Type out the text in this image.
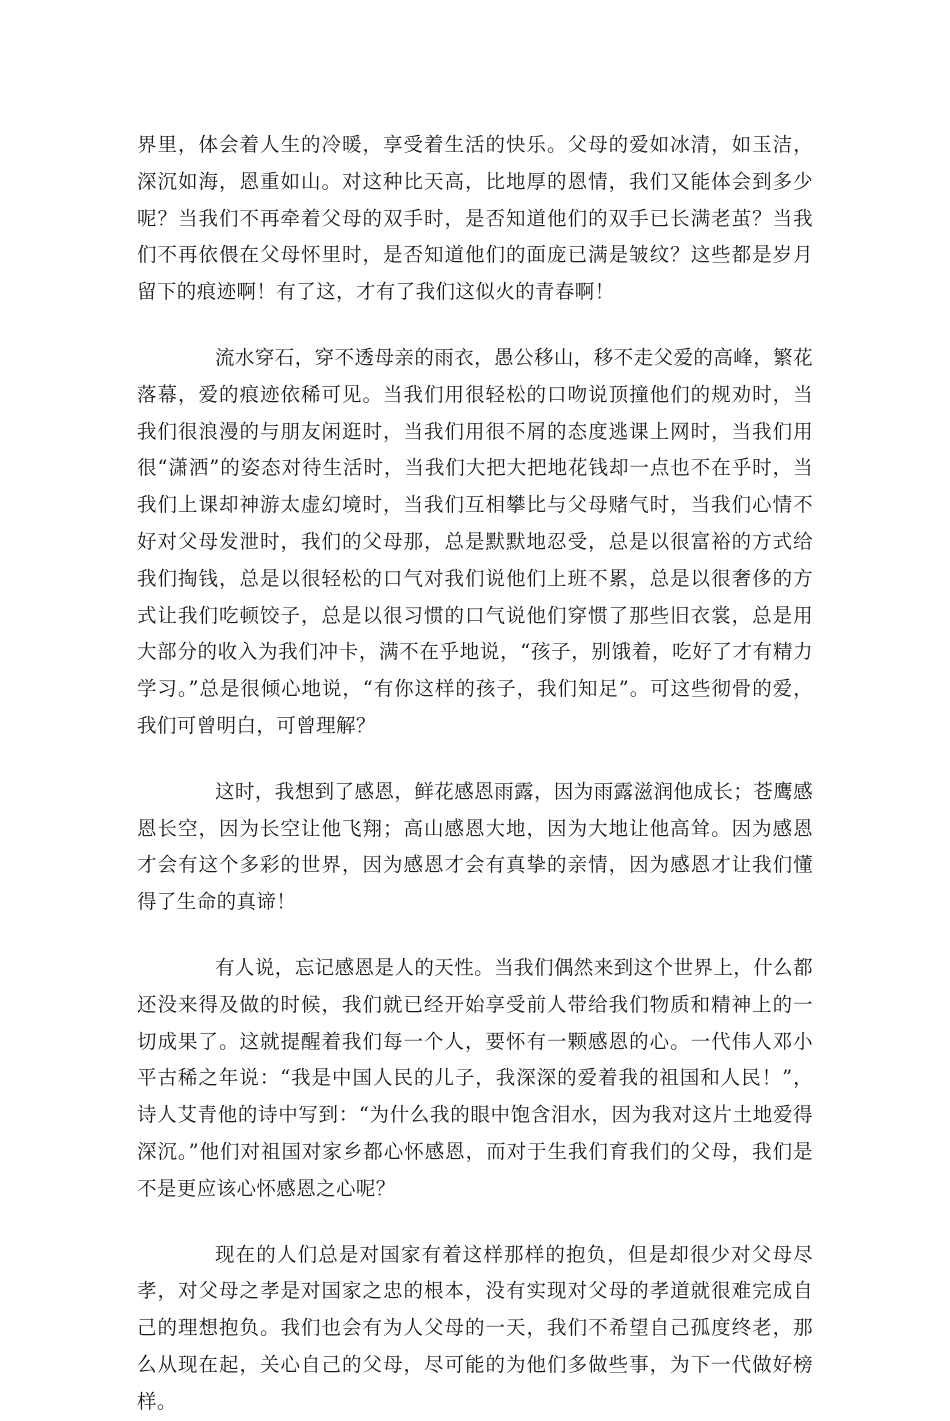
界里，体会着人生的冷暖，享受着生活的快乐。父母的爱如冰清，如玉洁，深沉如海，恩重如山。对这种比天高，比地厚的恩情，我们又能体会到多少呢？当我们不再牵着父母的双手时，是否知道他们的双手已长满老茧？当我们不再依偎在父母怀里时，是否知道他们的面庞已满是皱纹？这些都是岁月留下的痕迹啊！有了这，才有了我们这似火的青春啊！

流水穿石，穿不透母亲的雨衣，愚公移山，移不走父爱的高峰，繁花落幕，爱的痕迹依稀可见。当我们用很轻松的口吻说顶撞他们的规劝时，当我们很浪漫的与朋友闲逛时，当我们用很不屑的态度逃课上网时，当我们用很“潇洒”的姿态对待生活时，当我们大把大把地花钱却一点也不在乎时，当我们上课却神游太虚幻境时，当我们互相攀比与父母赌气时，当我们心情不好对父母发泄时，我们的父母那，总是默默地忍受，总是以很富裕的方式给我们掏钱，总是以很轻松的口气对我们说他们上班不累，总是以很奢侈的方式让我们吃顿饺子，总是以很习惯的口气说他们穿惯了那些旧衣裳，总是用大部分的收入为我们冲卡，满不在乎地说，“孩子，别饿着，吃好了才有精力学习。”总是很倾心地说，“有你这样的孩子，我们知足”。可这些彻骨的爱，我们可曾明白，可曾理解？

这时，我想到了感恩，鲜花感恩雨露，因为雨露滋润他成长；苍鹰感恩长空，因为长空让他飞翔；高山感恩大地，因为大地让他高耸。因为感恩才会有这个多彩的世界，因为感恩才会有真挚的亲情，因为感恩才让我们懂得了生命的真谛！

有人说，忘记感恩是人的天性。当我们偶然来到这个世界上，什么都还没来得及做的时候，我们就已经开始享受前人带给我们物质和精神上的一切成果了。这就提醒着我们每一个人，要怀有一颗感恩的心。一代伟人邓小平古稀之年说：“我是中国人民的儿子，我深深的爱着我的祖国和人民！”，诗人艾青他的诗中写到：“为什么我的眼中饱含泪水，因为我对这片土地爱得深沉。”他们对祖国对家乡都心怀感恩，而对于生我们育我们的父母，我们是不是更应该心怀感恩之心呢？

现在的人们总是对国家有着这样那样的抱负，但是却很少对父母尽孝，对父母之孝是对国家之忠的根本，没有实现对父母的孝道就很难完成自己的理想抱负。我们也会有为人父母的一天，我们不希望自己孤度终老，那么从现在起，关心自己的父母，尽可能的为他们多做些事，为下一代做好榜样。
